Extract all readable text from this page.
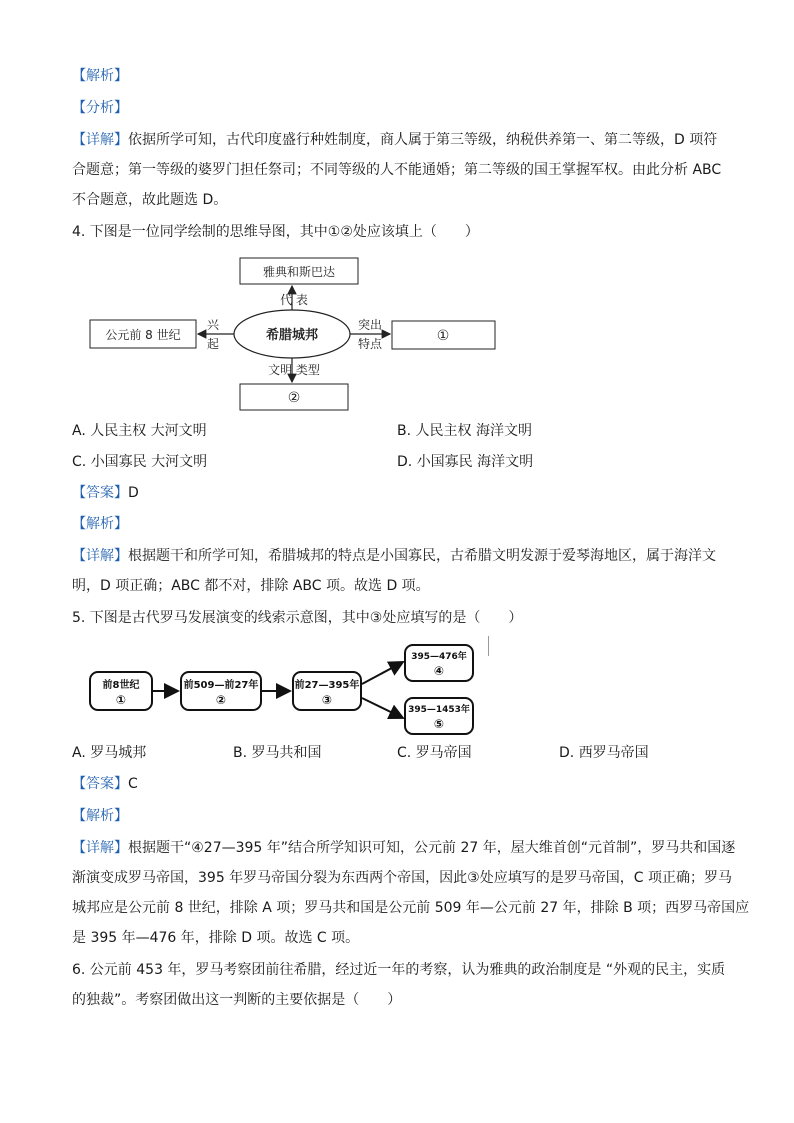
【解析】
【分析】
【详解】依据所学可知，古代印度盛行种姓制度，商人属于第三等级，纳税供养第一、第二等级，D 项符
合题意；第一等级的婆罗门担任祭司；不同等级的人不能通婚；第二等级的国王掌握军权。由此分析 ABC
不合题意，故此题选 D。
4. 下图是一位同学绘制的思维导图，其中①②处应该填上（　　）
雅典和斯巴达
希腊城邦
代 表
公元前 8 世纪
兴
起	①
突出
特点
②
文明 类型
A. 人民主权 大河文明	B. 人民主权 海洋文明
C. 小国寡民 大河文明	D. 小国寡民 海洋文明
【答案】D
【解析】
【详解】根据题干和所学可知，希腊城邦的特点是小国寡民，古希腊文明发源于爱琴海地区，属于海洋文
明，D 项正确；ABC 都不对，排除 ABC 项。故选 D 项。
5. 下图是古代罗马发展演变的线索示意图，其中③处应填写的是（　　）
前8世纪
①
前509—前27年
②
前27—395年
③
395—476年
④
395—1453年
⑤
A. 罗马城邦	B. 罗马共和国	C. 罗马帝国	D. 西罗马帝国
【答案】C
【解析】
【详解】根据题干“④27—395 年”结合所学知识可知，公元前 27 年，屋大维首创“元首制”，罗马共和国逐
渐演变成罗马帝国，395 年罗马帝国分裂为东西两个帝国，因此③处应填写的是罗马帝国，C 项正确；罗马
城邦应是公元前 8 世纪，排除 A 项；罗马共和国是公元前 509 年—公元前 27 年，排除 B 项；西罗马帝国应
是 395 年—476 年，排除 D 项。故选 C 项。
6. 公元前 453 年，罗马考察团前往希腊，经过近一年的考察，认为雅典的政治制度是 “外观的民主，实质
的独裁”。考察团做出这一判断的主要依据是（　　）
